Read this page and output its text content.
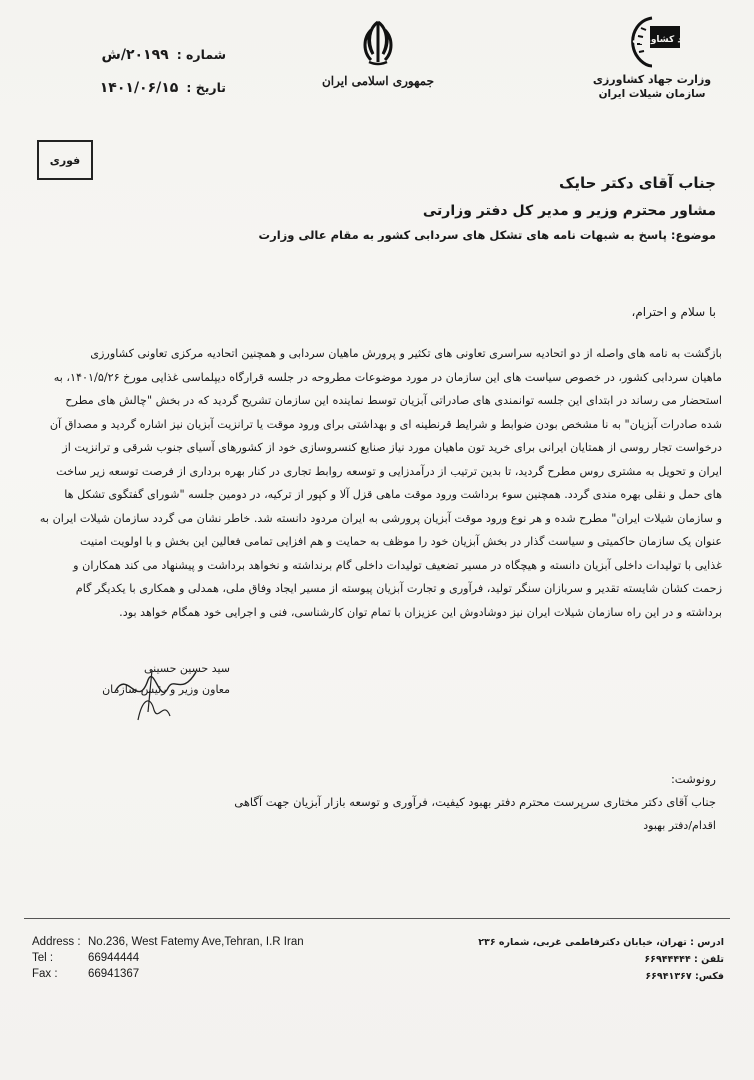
جهاد کشاورزی
وزارت جهاد کشاورزی
سازمان شیلات ایران
جمهوری اسلامی ایران
شماره :
۲۰۱۹۹/ش
تاریخ :
۱۴۰۱/۰۶/۱۵
فوری
جناب آقای دکتر حایک
مشاور محترم وزیر و مدیر کل دفتر وزارتی
موضوع: پاسخ به شبهات نامه های تشکل های سردابی کشور به مقام عالی وزارت
با سلام و احترام،
بازگشت به نامه های واصله از دو اتحادیه سراسری تعاونی های تکثیر و پرورش ماهیان سردابی و همچنین اتحادیه مرکزی تعاونی کشاورزی
ماهیان سردابی کشور، در خصوص سیاست های این سازمان در مورد موضوعات مطروحه در جلسه قرارگاه دیپلماسی غذایی مورخ ۱۴۰۱/۵/۲۶، به
استحضار می رساند در ابتدای این جلسه توانمندی های صادراتی آبزیان توسط نماینده این سازمان تشریح گردید که در بخش "چالش های مطرح
شده صادرات آبزیان" به نا مشخص بودن ضوابط و شرایط قرنطینه ای و بهداشتی برای ورود موقت یا ترانزیت آبزیان نیز اشاره گردید و مصداق آن
درخواست تجار روسی از همتایان ایرانی برای خرید تون ماهیان مورد نیاز صنایع کنسروسازی خود از کشورهای آسیای جنوب شرقی و ترانزیت از
ایران و تحویل به مشتری روس مطرح گردید، تا بدین ترتیب از درآمدزایی و توسعه روابط تجاری در کنار بهره برداری از فرصت توسعه زیر ساخت
های حمل و نقلی بهره مندی گردد. همچنین سوء برداشت ورود موقت ماهی قزل آلا و کپور از ترکیه، در دومین جلسه "شورای گفتگوی تشکل ها
و سازمان شیلات ایران" مطرح شده و هر نوع ورود موقت آبزیان پرورشی به ایران مردود دانسته شد. خاطر نشان می گردد سازمان شیلات ایران به
عنوان یک سازمان حاکمیتی و سیاست گذار در بخش آبزیان خود را موظف به حمایت و هم افزایی تمامی فعالین این بخش و با اولویت امنیت
غذایی با تولیدات داخلی آبزیان دانسته و هیچگاه در مسیر تضعیف تولیدات داخلی گام برنداشته و نخواهد برداشت و پیشنهاد می کند همکاران و
زحمت کشان شایسته تقدیر و سربازان سنگر تولید، فرآوری و تجارت آبزیان پیوسته از مسیر ایجاد وفاق ملی، همدلی و همکاری با یکدیگر گام
برداشته و در این راه سازمان شیلات ایران نیز دوشادوش این عزیزان با تمام توان کارشناسی، فنی و اجرایی خود همگام خواهد بود.
سید حسین حسینی
معاون وزیر و رئیس سازمان
رونوشت:
جناب آقای دکتر مختاری سرپرست محترم دفتر بهبود کیفیت، فرآوری و توسعه بازار آبزیان جهت آگاهی
اقدام/دفتر بهبود
Address : No.236, West Fatemy Ave,Tehran, I.R Iran
Tel :	66944444
Fax :	66941367
ادرس : تهران، خیابان دکترفاطمی غربی، شماره ۲۳۶
تلفن : ۶۶۹۴۴۴۴۴
فکس: ۶۶۹۴۱۳۶۷
